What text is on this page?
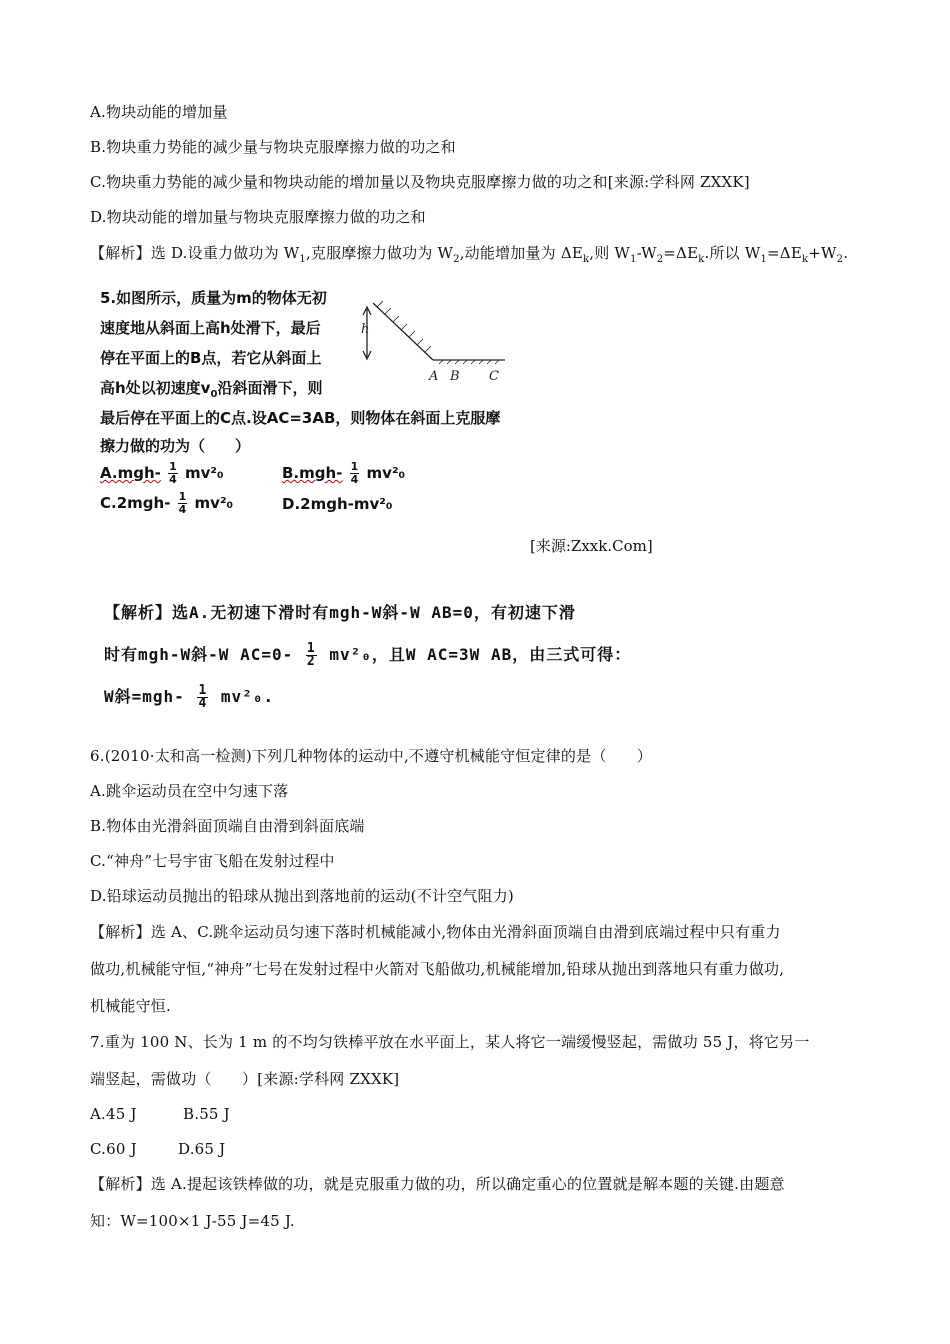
A.物块动能的增加量
B.物块重力势能的减少量与物块克服摩擦力做的功之和
C.物块重力势能的减少量和物块动能的增加量以及物块克服摩擦力做的功之和[来源:学科网 ZXXK]
D.物块动能的增加量与物块克服摩擦力做的功之和
【解析】选 D.设重力做功为 $W_1$,克服摩擦力做功为 $W_2$,动能增加量为 $\Delta E_k$,则 $W_1-W_2=\Delta E_k$.所以 $W_1=\Delta E_k+W_2$.
5.如图所示，质量为m的物体无初
速度地从斜面上高h处滑下，最后
停在平面上的B点，若它从斜面上
高h处以初速度$v_0$沿斜面滑下，则
最后停在平面上的C点.设AC=3AB，则物体在斜面上克服摩
擦力做的功为（　　）
$A.mgh- \frac{1}{4} mv^2_0$	$B.mgh- \frac{1}{4} mv^2_0$
$C.2mgh- \frac{1}{4} mv^2_0$	D.2mgh-mv²₀
h
A B C
[来源:Zxxk.Com]
【解析】选A.无初速下滑时有mgh-W斜-W AB=0，有初速下滑
时有mgh-W斜-W $AC=0- \frac{1}{2} mv^2_0$，且W AC=3W AB，由三式可得：
W斜$=mgh- \frac{1}{4} mv^2_0$.
6.(2010·太和高一检测)下列几种物体的运动中,不遵守机械能守恒定律的是（　　）
A.跳伞运动员在空中匀速下落
B.物体由光滑斜面顶端自由滑到斜面底端
C.“神舟”七号宇宙飞船在发射过程中
D.铅球运动员抛出的铅球从抛出到落地前的运动(不计空气阻力)
【解析】选 A、C.跳伞运动员匀速下落时机械能减小,物体由光滑斜面顶端自由滑到底端过程中只有重力
做功,机械能守恒,“神舟”七号在发射过程中火箭对飞船做功,机械能增加,铅球从抛出到落地只有重力做功,
机械能守恒.
7.重为 100 N、长为 1 m 的不均匀铁棒平放在水平面上，某人将它一端缓慢竖起，需做功 55 J，将它另一
端竖起，需做功（　　）[来源:学科网 ZXXK]
A.45 J	B.55 J
C.60 J	D.65 J
【解析】选 A.提起该铁棒做的功，就是克服重力做的功，所以确定重心的位置就是解本题的关键.由题意
知：W=100×1 J-55 J=45 J.
